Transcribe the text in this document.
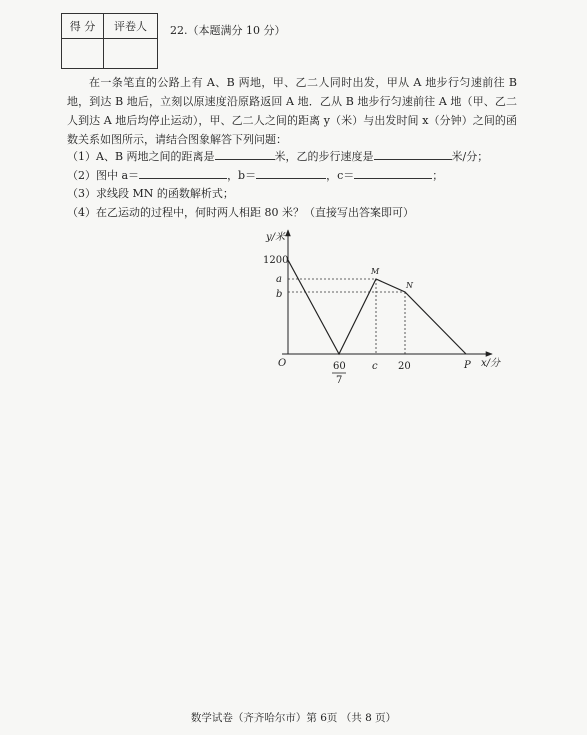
得 分	评卷人
	22.（本题满分 10 分）
在一条笔直的公路上有 A、B 两地，甲、乙二人同时出发，甲从 A 地步行匀速前往 B 地，到达 B 地后，立刻以原速度沿原路返回 A 地．乙从 B 地步行匀速前往 A 地（甲、乙二人到达 A 地后均停止运动），甲、乙二人之间的距离 y（米）与出发时间 x（分钟）之间的函数关系如图所示，请结合图象解答下列问题：
（1）A、B 两地之间的距离是	米，乙的步行速度是	米/分；
（2）图中 a＝	，b＝	，c＝	；
（3）求线段 MN 的函数解析式；
（4）在乙运动的过程中，何时两人相距 80 米？（直接写出答案即可）
y/米
x/分
O
1200
a
b
60
7
c 20
M
N
P
数学试卷（齐齐哈尔市）第 6页 （共 8 页）
